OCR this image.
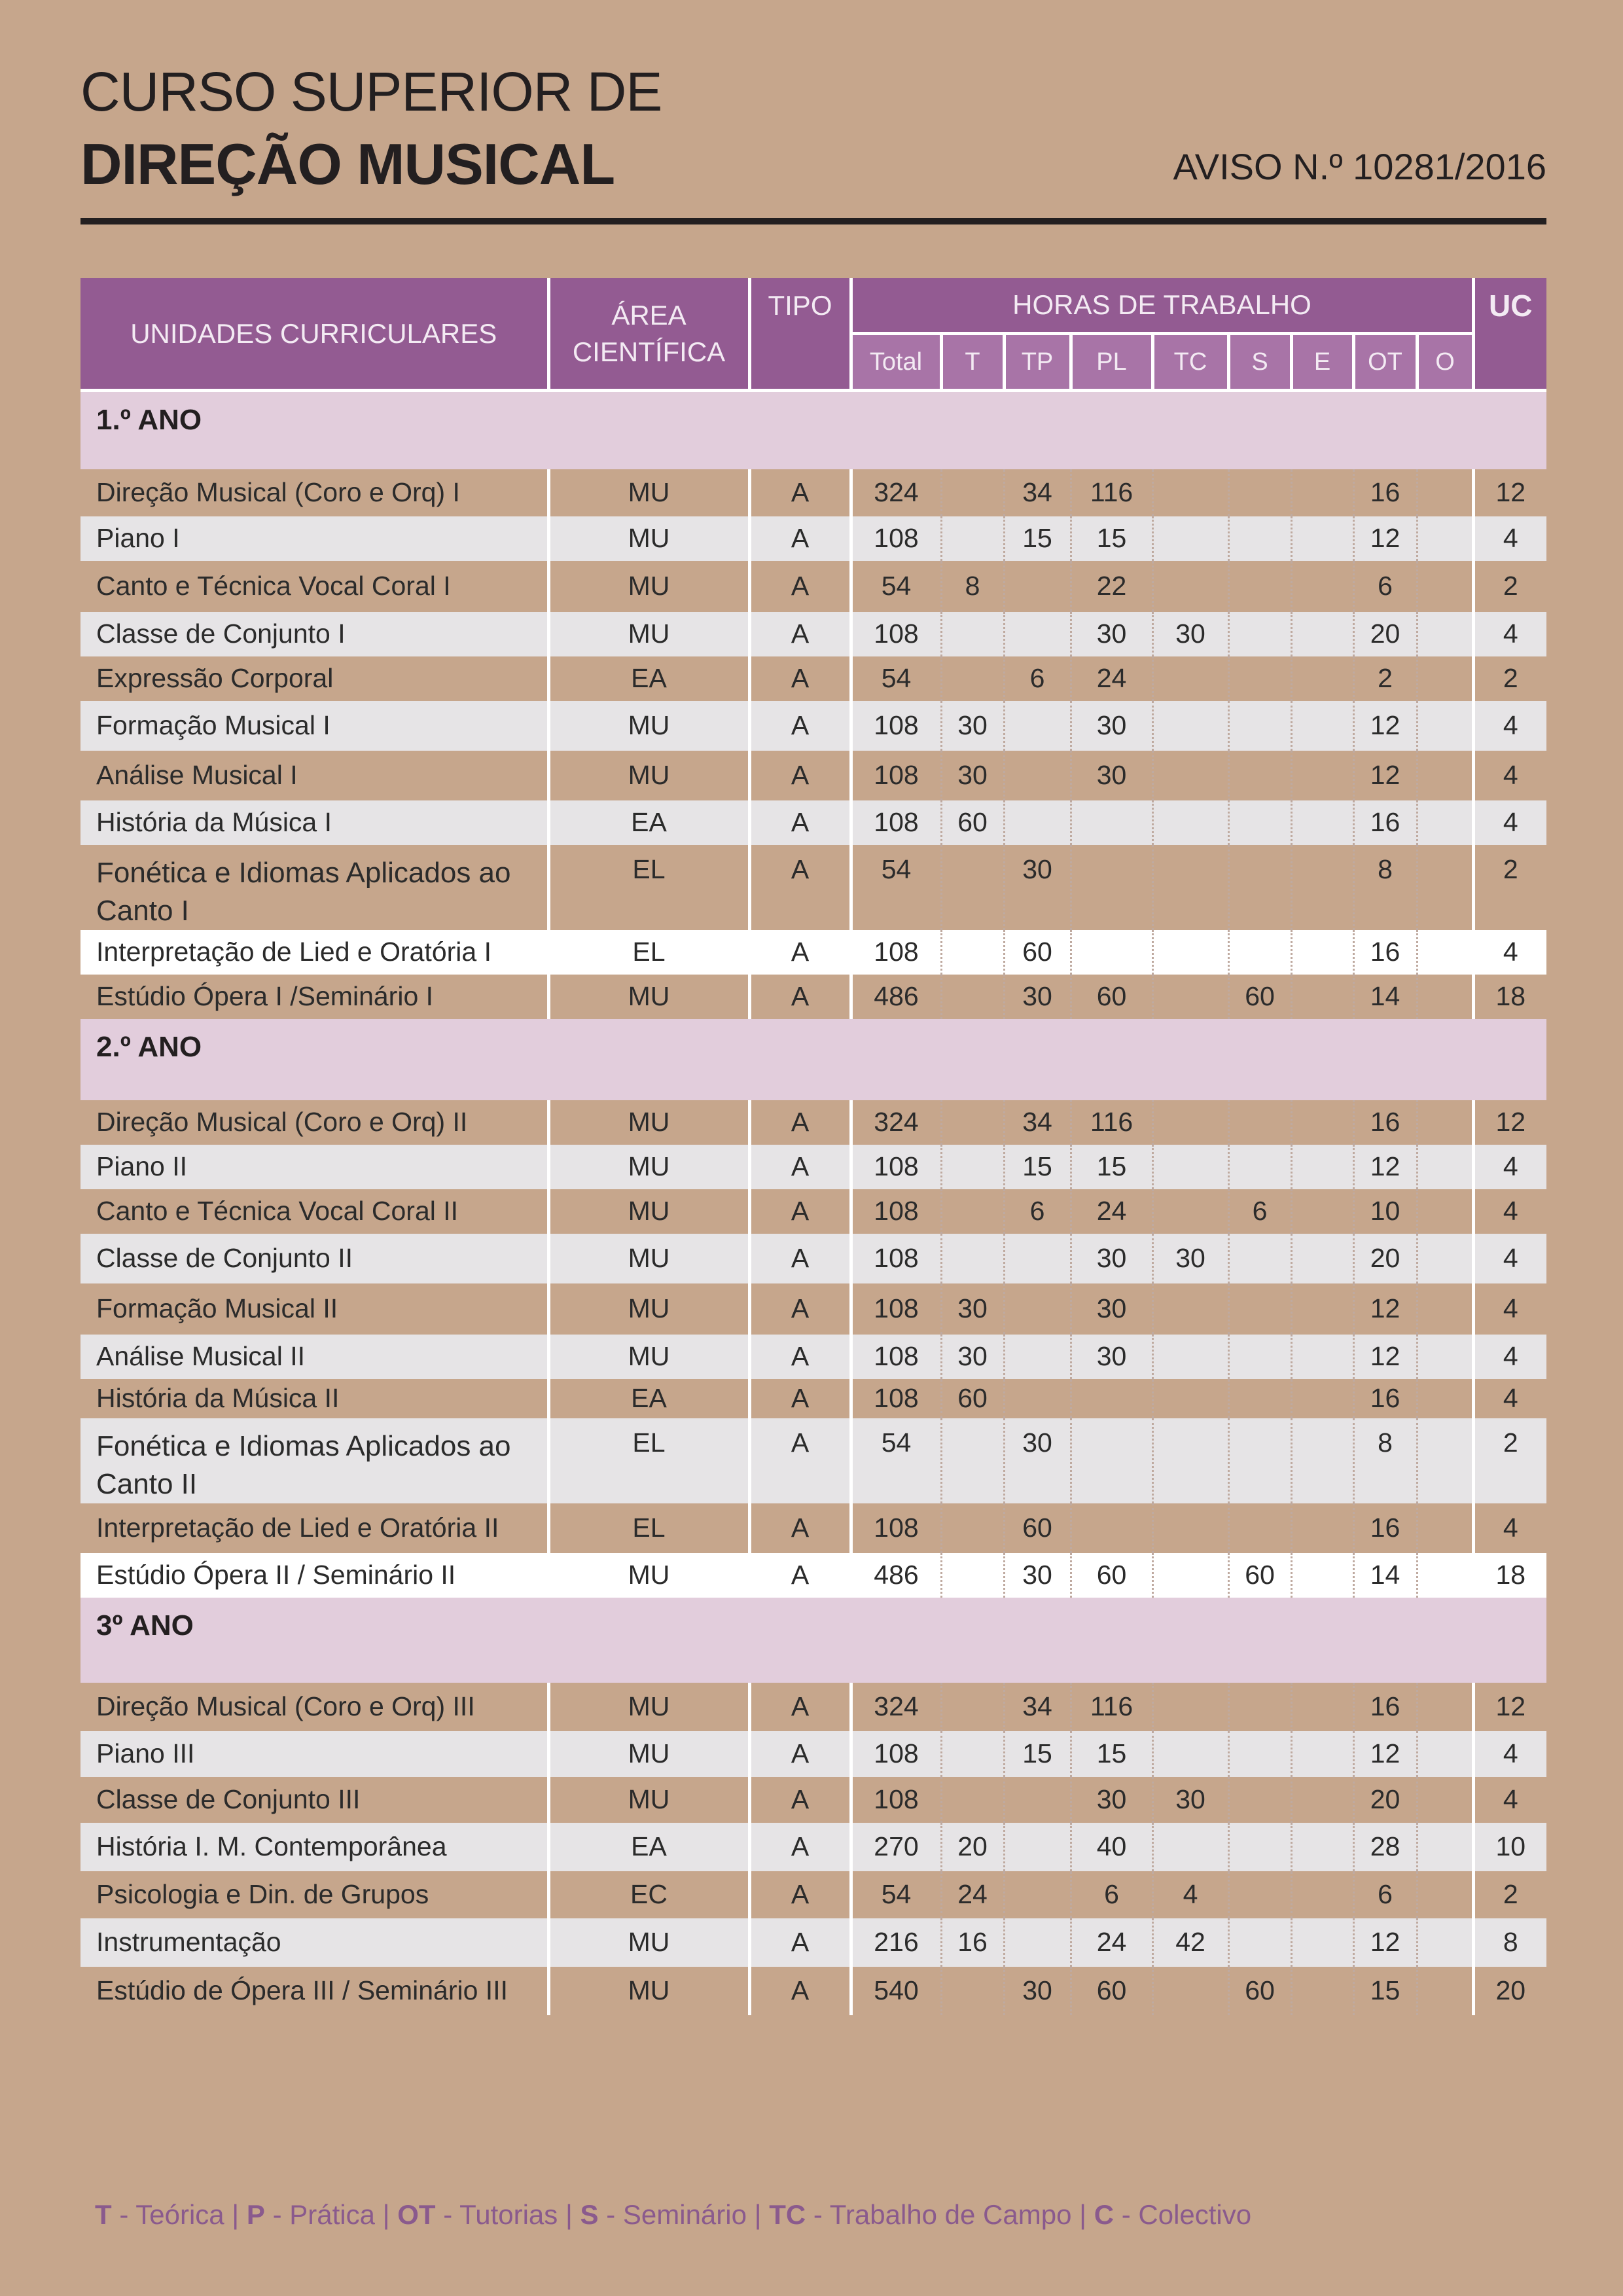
CURSO SUPERIOR DE
DIREÇÃO MUSICAL	AVISO N.º 10281/2016
UNIDADES CURRICULARES	ÁREA CIENTÍFICA	TIPO	HORAS DE TRABALHO									UC
			Total	T	TP	PL	TC	S	E	OT	O	
1.º ANO												
Direção Musical (Coro e Orq) I	MU	A	324		34	116				16		12
Piano I	MU	A	108		15	15				12		4
Canto e Técnica Vocal Coral I	MU	A	54	8		22				6		2
Classe de Conjunto I	MU	A	108			30	30			20		4
Expressão Corporal	EA	A	54		6	24				2		2
Formação Musical I	MU	A	108	30		30				12		4
Análise Musical I	MU	A	108	30		30				12		4
História da Música I	EA	A	108	60						16		4
Fonética e Idiomas Aplicados ao Canto I	EL	A	54		30					8		2
Interpretação de Lied e Oratória I	EL	A	108		60					16		4
Estúdio Ópera I /Seminário I	MU	A	486		30	60		60		14		18
2.º ANO												
Direção Musical (Coro e Orq) II	MU	A	324		34	116				16		12
Piano II	MU	A	108		15	15				12		4
Canto e Técnica Vocal Coral II	MU	A	108		6	24		6		10		4
Classe de Conjunto II	MU	A	108			30	30			20		4
Formação Musical II	MU	A	108	30		30				12		4
Análise Musical II	MU	A	108	30		30				12		4
História da Música II	EA	A	108	60						16		4
Fonética e Idiomas Aplicados ao Canto II	EL	A	54		30					8		2
Interpretação de Lied e Oratória II	EL	A	108		60					16		4
Estúdio Ópera II / Seminário II	MU	A	486		30	60		60		14		18
3º ANO												
Direção Musical (Coro e Orq) III	MU	A	324		34	116				16		12
Piano III	MU	A	108		15	15				12		4
Classe de Conjunto III	MU	A	108			30	30			20		4
História I. M. Contemporânea	EA	A	270	20		40				28		10
Psicologia e Din. de Grupos	EC	A	54	24		6	4			6		2
Instrumentação	MU	A	216	16		24	42			12		8
Estúdio de Ópera III / Seminário III	MU	A	540		30	60		60		15		20
T - Teórica | P - Prática | OT - Tutorias | S - Seminário | TC - Trabalho de Campo | C - Colectivo
